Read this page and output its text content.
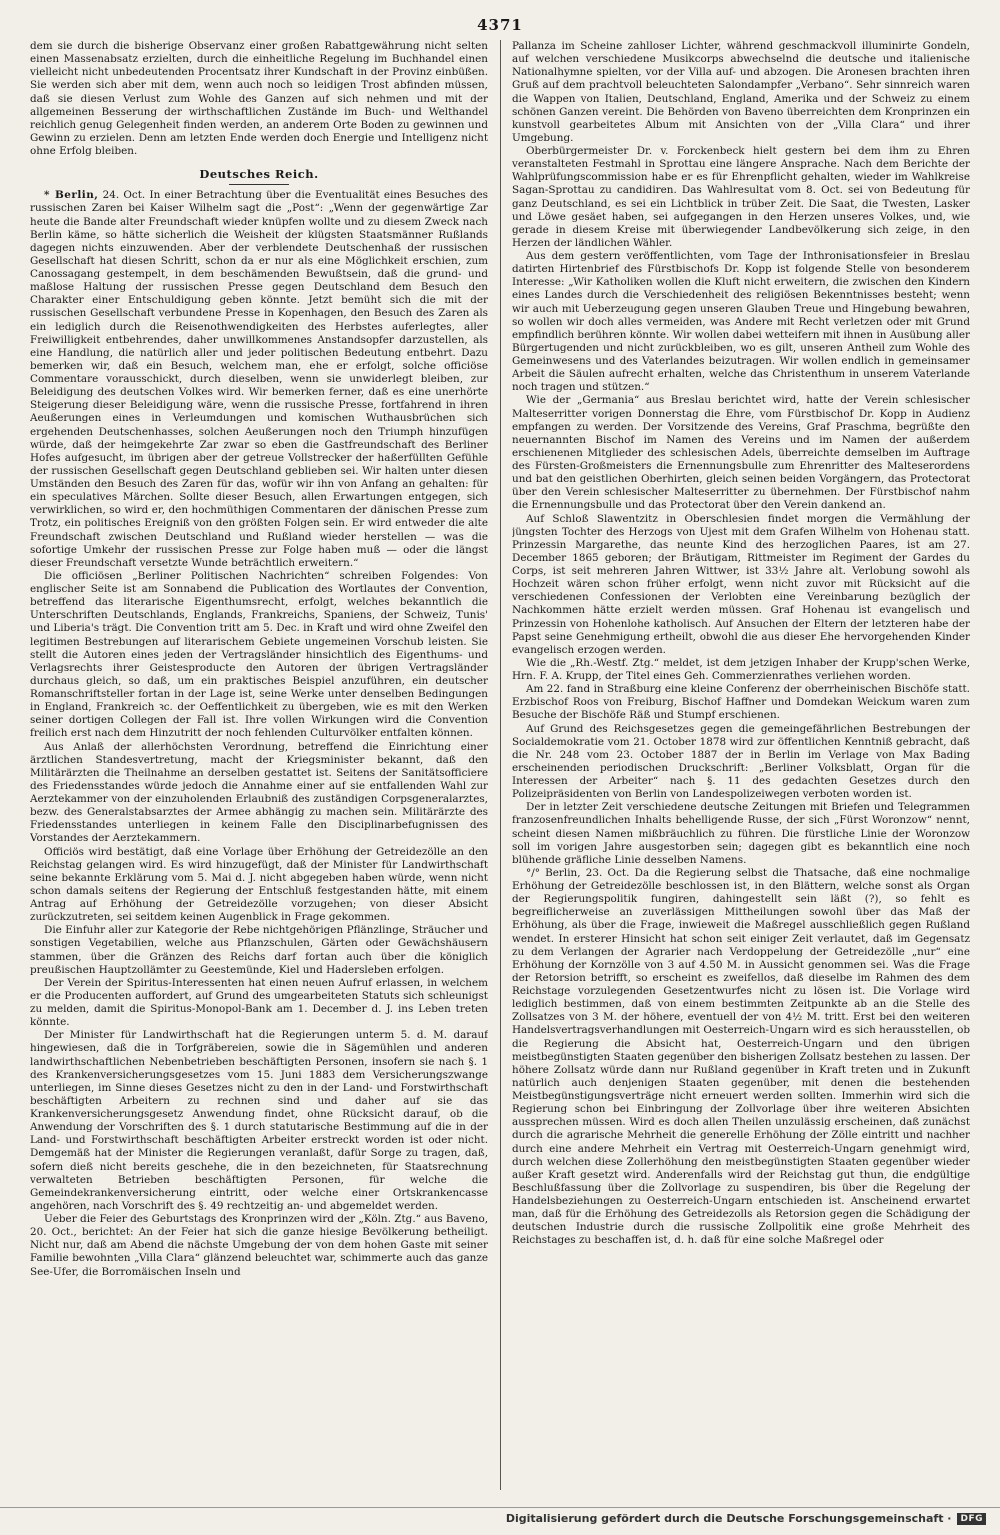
4371

dem sie durch die bisherige Observanz einer großen Rabattgewährung nicht selten einen Massenabsatz erzielten, durch die einheitliche Regelung im Buchhandel einen vielleicht nicht unbedeutenden Procentsatz ihrer Kundschaft in der Provinz einbüßen. Sie werden sich aber mit dem, wenn auch noch so leidigen Trost abfinden müssen, daß sie diesen Verlust zum Wohle des Ganzen auf sich nehmen und mit der allgemeinen Besserung der wirthschaftlichen Zustände im Buch- und Welthandel reichlich genug Gelegenheit finden werden, an anderem Orte Boden zu gewinnen und Gewinn zu erzielen. Denn am letzten Ende werden doch Energie und Intelligenz nicht ohne Erfolg bleiben.

Deutsches Reich.

* Berlin, 24. Oct. In einer Betrachtung über die Eventualität eines Besuches des russischen Zaren bei Kaiser Wilhelm sagt die „Post“: „Wenn der gegenwärtige Zar heute die Bande alter Freundschaft wieder knüpfen wollte und zu diesem Zweck nach Berlin käme, so hätte sicherlich die Weisheit der klügsten Staatsmänner Rußlands dagegen nichts einzuwenden. Aber der verblendete Deutschenhaß der russischen Gesellschaft hat diesen Schritt, schon da er nur als eine Möglichkeit erschien, zum Canossagang gestempelt, in dem beschämenden Bewußtsein, daß die grund- und maßlose Haltung der russischen Presse gegen Deutschland dem Besuch den Charakter einer Entschuldigung geben könnte. Jetzt bemüht sich die mit der russischen Gesellschaft verbundene Presse in Kopenhagen, den Besuch des Zaren als ein lediglich durch die Reisenothwendigkeiten des Herbstes auferlegtes, aller Freiwilligkeit entbehrendes, daher unwillkommenes Anstandsopfer darzustellen, als eine Handlung, die natürlich aller und jeder politischen Bedeutung entbehrt. Dazu bemerken wir, daß ein Besuch, welchem man, ehe er erfolgt, solche officiöse Commentare vorausschickt, durch dieselben, wenn sie unwiderlegt bleiben, zur Beleidigung des deutschen Volkes wird. Wir bemerken ferner, daß es eine unerhörte Steigerung dieser Beleidigung wäre, wenn die russische Presse, fortfahrend in ihren Aeußerungen eines in Verleumdungen und komischen Wuthausbrüchen sich ergehenden Deutschenhasses, solchen Aeußerungen noch den Triumph hinzufügen würde, daß der heimgekehrte Zar zwar so eben die Gastfreundschaft des Berliner Hofes aufgesucht, im übrigen aber der getreue Vollstrecker der haßerfüllten Gefühle der russischen Gesellschaft gegen Deutschland geblieben sei. Wir halten unter diesen Umständen den Besuch des Zaren für das, wofür wir ihn von Anfang an gehalten: für ein speculatives Märchen. Sollte dieser Besuch, allen Erwartungen entgegen, sich verwirklichen, so wird er, den hochmüthigen Commentaren der dänischen Presse zum Trotz, ein politisches Ereigniß von den größten Folgen sein. Er wird entweder die alte Freundschaft zwischen Deutschland und Rußland wieder herstellen — was die sofortige Umkehr der russischen Presse zur Folge haben muß — oder die längst dieser Freundschaft versetzte Wunde beträchtlich erweitern.“

Die officiösen „Berliner Politischen Nachrichten“ schreiben Folgendes: Von englischer Seite ist am Sonnabend die Publication des Wortlautes der Convention, betreffend das literarische Eigenthumsrecht, erfolgt, welches bekanntlich die Unterschriften Deutschlands, Englands, Frankreichs, Spaniens, der Schweiz, Tunis' und Liberia's trägt. Die Convention tritt am 5. Dec. in Kraft und wird ohne Zweifel den legitimen Bestrebungen auf literarischem Gebiete ungemeinen Vorschub leisten. Sie stellt die Autoren eines jeden der Vertragsländer hinsichtlich des Eigenthums- und Verlagsrechts ihrer Geistesproducte den Autoren der übrigen Vertragsländer durchaus gleich, so daß, um ein praktisches Beispiel anzuführen, ein deutscher Romanschriftsteller fortan in der Lage ist, seine Werke unter denselben Bedingungen in England, Frankreich ꝛc. der Oeffentlichkeit zu übergeben, wie es mit den Werken seiner dortigen Collegen der Fall ist. Ihre vollen Wirkungen wird die Convention freilich erst nach dem Hinzutritt der noch fehlenden Culturvölker entfalten können.

Aus Anlaß der allerhöchsten Verordnung, betreffend die Einrichtung einer ärztlichen Standesvertretung, macht der Kriegsminister bekannt, daß den Militärärzten die Theilnahme an derselben gestattet ist. Seitens der Sanitätsofficiere des Friedensstandes würde jedoch die Annahme einer auf sie entfallenden Wahl zur Aerztekammer von der einzuholenden Erlaubniß des zuständigen Corpsgeneralarztes, bezw. des Generalstabsarztes der Armee abhängig zu machen sein. Militärärzte des Friedensstandes unterliegen in keinem Falle den Disciplinarbefugnissen des Vorstandes der Aerztekammern.

Officiös wird bestätigt, daß eine Vorlage über Erhöhung der Getreidezölle an den Reichstag gelangen wird. Es wird hinzugefügt, daß der Minister für Landwirthschaft seine bekannte Erklärung vom 5. Mai d. J. nicht abgegeben haben würde, wenn nicht schon damals seitens der Regierung der Entschluß festgestanden hätte, mit einem Antrag auf Erhöhung der Getreidezölle vorzugehen; von dieser Absicht zurückzutreten, sei seitdem keinen Augenblick in Frage gekommen.

Die Einfuhr aller zur Kategorie der Rebe nichtgehörigen Pflänzlinge, Sträucher und sonstigen Vegetabilien, welche aus Pflanzschulen, Gärten oder Gewächshäusern stammen, über die Gränzen des Reichs darf fortan auch über die königlich preußischen Hauptzollämter zu Geestemünde, Kiel und Hadersleben erfolgen.

Der Verein der Spiritus-Interessenten hat einen neuen Aufruf erlassen, in welchem er die Producenten auffordert, auf Grund des umgearbeiteten Statuts sich schleunigst zu melden, damit die Spiritus-Monopol-Bank am 1. December d. J. ins Leben treten könnte.

Der Minister für Landwirthschaft hat die Regierungen unterm 5. d. M. darauf hingewiesen, daß die in Torfgräbereien, sowie die in Sägemühlen und anderen landwirthschaftlichen Nebenbetrieben beschäftigten Personen, insofern sie nach §. 1 des Krankenversicherungsgesetzes vom 15. Juni 1883 dem Versicherungszwange unterliegen, im Sinne dieses Gesetzes nicht zu den in der Land- und Forstwirthschaft beschäftigten Arbeitern zu rechnen sind und daher auf sie das Krankenversicherungsgesetz Anwendung findet, ohne Rücksicht darauf, ob die Anwendung der Vorschriften des §. 1 durch statutarische Bestimmung auf die in der Land- und Forstwirthschaft beschäftigten Arbeiter erstreckt worden ist oder nicht. Demgemäß hat der Minister die Regierungen veranlaßt, dafür Sorge zu tragen, daß, sofern dieß nicht bereits geschehe, die in den bezeichneten, für Staatsrechnung verwalteten Betrieben beschäftigten Personen, für welche die Gemeindekrankenversicherung eintritt, oder welche einer Ortskrankencasse angehören, nach Vorschrift des §. 49 rechtzeitig an- und abgemeldet werden.

Ueber die Feier des Geburtstags des Kronprinzen wird der „Köln. Ztg.“ aus Baveno, 20. Oct., berichtet: An der Feier hat sich die ganze hiesige Bevölkerung betheiligt. Nicht nur, daß am Abend die nächste Umgebung der von dem hohen Gaste mit seiner Familie bewohnten „Villa Clara“ glänzend beleuchtet war, schimmerte auch das ganze See-Ufer, die Borromäischen Inseln und

Pallanza im Scheine zahlloser Lichter, während geschmackvoll illuminirte Gondeln, auf welchen verschiedene Musikcorps abwechselnd die deutsche und italienische Nationalhymne spielten, vor der Villa auf- und abzogen. Die Aronesen brachten ihren Gruß auf dem prachtvoll beleuchteten Salondampfer „Verbano“. Sehr sinnreich waren die Wappen von Italien, Deutschland, England, Amerika und der Schweiz zu einem schönen Ganzen vereint. Die Behörden von Baveno überreichten dem Kronprinzen ein kunstvoll gearbeitetes Album mit Ansichten von der „Villa Clara“ und ihrer Umgebung.

Oberbürgermeister Dr. v. Forckenbeck hielt gestern bei dem ihm zu Ehren veranstalteten Festmahl in Sprottau eine längere Ansprache. Nach dem Berichte der Wahlprüfungscommission habe er es für Ehrenpflicht gehalten, wieder im Wahlkreise Sagan-Sprottau zu candidiren. Das Wahlresultat vom 8. Oct. sei von Bedeutung für ganz Deutschland, es sei ein Lichtblick in trüber Zeit. Die Saat, die Twesten, Lasker und Löwe gesäet haben, sei aufgegangen in den Herzen unseres Volkes, und, wie gerade in diesem Kreise mit überwiegender Landbevölkerung sich zeige, in den Herzen der ländlichen Wähler.

Aus dem gestern veröffentlichten, vom Tage der Inthronisationsfeier in Breslau datirten Hirtenbrief des Fürstbischofs Dr. Kopp ist folgende Stelle von besonderem Interesse: „Wir Katholiken wollen die Kluft nicht erweitern, die zwischen den Kindern eines Landes durch die Verschiedenheit des religiösen Bekenntnisses besteht; wenn wir auch mit Ueberzeugung gegen unseren Glauben Treue und Hingebung bewahren, so wollen wir doch alles vermeiden, was Andere mit Recht verletzen oder mit Grund empfindlich berühren könnte. Wir wollen dabei wetteifern mit ihnen in Ausübung aller Bürgertugenden und nicht zurückbleiben, wo es gilt, unseren Antheil zum Wohle des Gemeinwesens und des Vaterlandes beizutragen. Wir wollen endlich in gemeinsamer Arbeit die Säulen aufrecht erhalten, welche das Christenthum in unserem Vaterlande noch tragen und stützen.“

Wie der „Germania“ aus Breslau berichtet wird, hatte der Verein schlesischer Malteserritter vorigen Donnerstag die Ehre, vom Fürstbischof Dr. Kopp in Audienz empfangen zu werden. Der Vorsitzende des Vereins, Graf Praschma, begrüßte den neuernannten Bischof im Namen des Vereins und im Namen der außerdem erschienenen Mitglieder des schlesischen Adels, überreichte demselben im Auftrage des Fürsten-Großmeisters die Ernennungsbulle zum Ehrenritter des Malteserordens und bat den geistlichen Oberhirten, gleich seinen beiden Vorgängern, das Protectorat über den Verein schlesischer Malteserritter zu übernehmen. Der Fürstbischof nahm die Ernennungsbulle und das Protectorat über den Verein dankend an.

Auf Schloß Slawentzitz in Oberschlesien findet morgen die Vermählung der jüngsten Tochter des Herzogs von Ujest mit dem Grafen Wilhelm von Hohenau statt. Prinzessin Margarethe, das neunte Kind des herzoglichen Paares, ist am 27. December 1865 geboren; der Bräutigam, Rittmeister im Regiment der Gardes du Corps, ist seit mehreren Jahren Wittwer, ist 33½ Jahre alt. Verlobung sowohl als Hochzeit wären schon früher erfolgt, wenn nicht zuvor mit Rücksicht auf die verschiedenen Confessionen der Verlobten eine Vereinbarung bezüglich der Nachkommen hätte erzielt werden müssen. Graf Hohenau ist evangelisch und Prinzessin von Hohenlohe katholisch. Auf Ansuchen der Eltern der letzteren habe der Papst seine Genehmigung ertheilt, obwohl die aus dieser Ehe hervorgehenden Kinder evangelisch erzogen werden.

Wie die „Rh.-Westf. Ztg.“ meldet, ist dem jetzigen Inhaber der Krupp'schen Werke, Hrn. F. A. Krupp, der Titel eines Geh. Commerzienrathes verliehen worden.

Am 22. fand in Straßburg eine kleine Conferenz der oberrheinischen Bischöfe statt. Erzbischof Roos von Freiburg, Bischof Haffner und Domdekan Weickum waren zum Besuche der Bischöfe Räß und Stumpf erschienen.

Auf Grund des Reichsgesetzes gegen die gemeingefährlichen Bestrebungen der Socialdemokratie vom 21. October 1878 wird zur öffentlichen Kenntniß gebracht, daß die Nr. 248 vom 23. October 1887 der in Berlin im Verlage von Max Bading erscheinenden periodischen Druckschrift: „Berliner Volksblatt, Organ für die Interessen der Arbeiter“ nach §. 11 des gedachten Gesetzes durch den Polizeipräsidenten von Berlin von Landespolizeiwegen verboten worden ist.

Der in letzter Zeit verschiedene deutsche Zeitungen mit Briefen und Telegrammen franzosenfreundlichen Inhalts behelligende Russe, der sich „Fürst Woronzow“ nennt, scheint diesen Namen mißbräuchlich zu führen. Die fürstliche Linie der Woronzow soll im vorigen Jahre ausgestorben sein; dagegen gibt es bekanntlich eine noch blühende gräfliche Linie desselben Namens.

°/° Berlin, 23. Oct. Da die Regierung selbst die Thatsache, daß eine nochmalige Erhöhung der Getreidezölle beschlossen ist, in den Blättern, welche sonst als Organ der Regierungspolitik fungiren, dahingestellt sein läßt (?), so fehlt es begreiflicherweise an zuverlässigen Mittheilungen sowohl über das Maß der Erhöhung, als über die Frage, inwieweit die Maßregel ausschließlich gegen Rußland wendet. In ersterer Hinsicht hat schon seit einiger Zeit verlautet, daß im Gegensatz zu dem Verlangen der Agrarier nach Verdoppelung der Getreidezölle „nur“ eine Erhöhung der Kornzölle von 3 auf 4.50 M. in Aussicht genommen sei. Was die Frage der Retorsion betrifft, so erscheint es zweifellos, daß dieselbe im Rahmen des dem Reichstage vorzulegenden Gesetzentwurfes nicht zu lösen ist. Die Vorlage wird lediglich bestimmen, daß von einem bestimmten Zeitpunkte ab an die Stelle des Zollsatzes von 3 M. der höhere, eventuell der von 4½ M. tritt. Erst bei den weiteren Handelsvertragsverhandlungen mit Oesterreich-Ungarn wird es sich herausstellen, ob die Regierung die Absicht hat, Oesterreich-Ungarn und den übrigen meistbegünstigten Staaten gegenüber den bisherigen Zollsatz bestehen zu lassen. Der höhere Zollsatz würde dann nur Rußland gegenüber in Kraft treten und in Zukunft natürlich auch denjenigen Staaten gegenüber, mit denen die bestehenden Meistbegünstigungsverträge nicht erneuert werden sollten. Immerhin wird sich die Regierung schon bei Einbringung der Zollvorlage über ihre weiteren Absichten aussprechen müssen. Wird es doch allen Theilen unzulässig erscheinen, daß zunächst durch die agrarische Mehrheit die generelle Erhöhung der Zölle eintritt und nachher durch eine andere Mehrheit ein Vertrag mit Oesterreich-Ungarn genehmigt wird, durch welchen diese Zollerhöhung den meistbegünstigten Staaten gegenüber wieder außer Kraft gesetzt wird. Anderenfalls wird der Reichstag gut thun, die endgültige Beschlußfassung über die Zollvorlage zu suspendiren, bis über die Regelung der Handelsbeziehungen zu Oesterreich-Ungarn entschieden ist. Anscheinend erwartet man, daß für die Erhöhung des Getreidezolls als Retorsion gegen die Schädigung der deutschen Industrie durch die russische Zollpolitik eine große Mehrheit des Reichstages zu beschaffen ist, d. h. daß für eine solche Maßregel oder

Digitalisierung gefördert durch die Deutsche Forschungsgemeinschaft ·	DFG
